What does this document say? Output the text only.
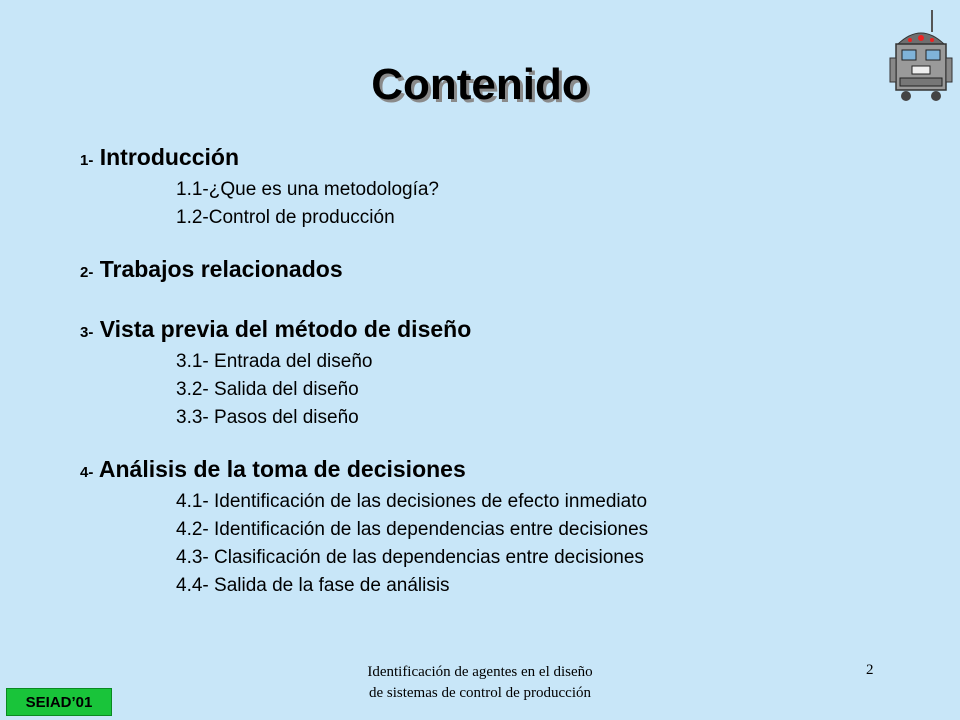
Contenido
1- Introducción
1.1-¿Que es una metodología?
1.2-Control de producción
2- Trabajos relacionados
3- Vista previa del método de diseño
3.1- Entrada del diseño
3.2- Salida del diseño
3.3- Pasos del diseño
4- Análisis de la toma de decisiones
4.1- Identificación de las decisiones de efecto inmediato
4.2- Identificación de las dependencias entre decisiones
4.3- Clasificación de las dependencias entre decisiones
4.4- Salida de la fase de análisis
Identificación de agentes en el diseño
de sistemas de control de producción
2
SEIAD’01
